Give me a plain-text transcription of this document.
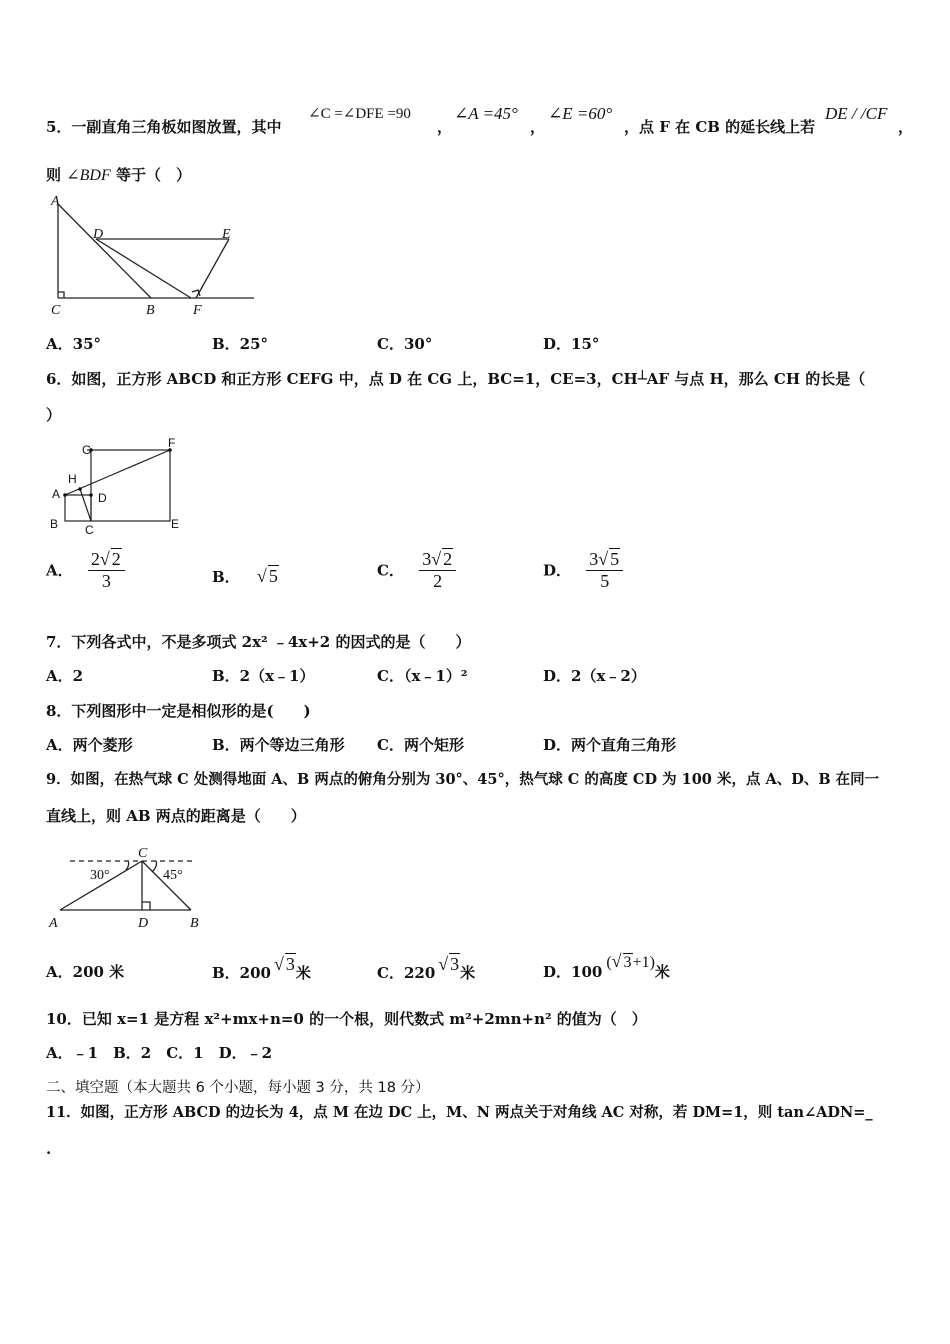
5．一副直角三角板如图放置，其中
∠C =∠DFE =90
，
∠A =45°
，
∠E =60°
，点 F 在 CB 的延长线上若
DE / /CF
，
则 ∠BDF 等于（　）
A
D	E
C	B	F
A．35°	B．25°	C．30°	D．15°
6．如图，正方形 ABCD 和正方形 CEFG 中，点 D 在 CG 上，BC=1，CE=3，CH┴AF 与点 H，那么 CH 的长是（
）
G	F
H
A	D
B C	E
A． $\frac{2√ 2}{3}$	B． √ 5	C． $\frac{3√ 2}{2}$	D． $\frac{3√ 5}{5}$
7．下列各式中，不是多项式 2x² ﹣4x+2 的因式的是（　　）
A．2	B．2（x﹣1）	C．（x﹣1）²	D．2（x﹣2）
8．下列图形中一定是相似形的是(　　)
A．两个菱形	B．两个等边三角形 C．两个矩形	D．两个直角三角形
9．如图，在热气球 C 处测得地面 A、B 两点的俯角分别为 30°、45°，热气球 C 的高度 CD 为 100 米，点 A、D、B 在同一
直线上，则 AB 两点的距离是（　　）
C
A	D	B
30°	45°
A．200 米	B．200 √ 3米	C．220 √ 3米	D．100(√ 3+1)米
10．已知 x=1 是方程 x²+mx+n=0 的一个根，则代数式 m²+2mn+n² 的值为（　）
A．﹣1　B．2　C．1　D．﹣2
二、填空题（本大题共 6 个小题，每小题 3 分，共 18 分）
11．如图，正方形 ABCD 的边长为 4，点 M 在边 DC 上，M、N 两点关于对角线 AC 对称，若 DM=1，则 tan∠ADN=_
.
